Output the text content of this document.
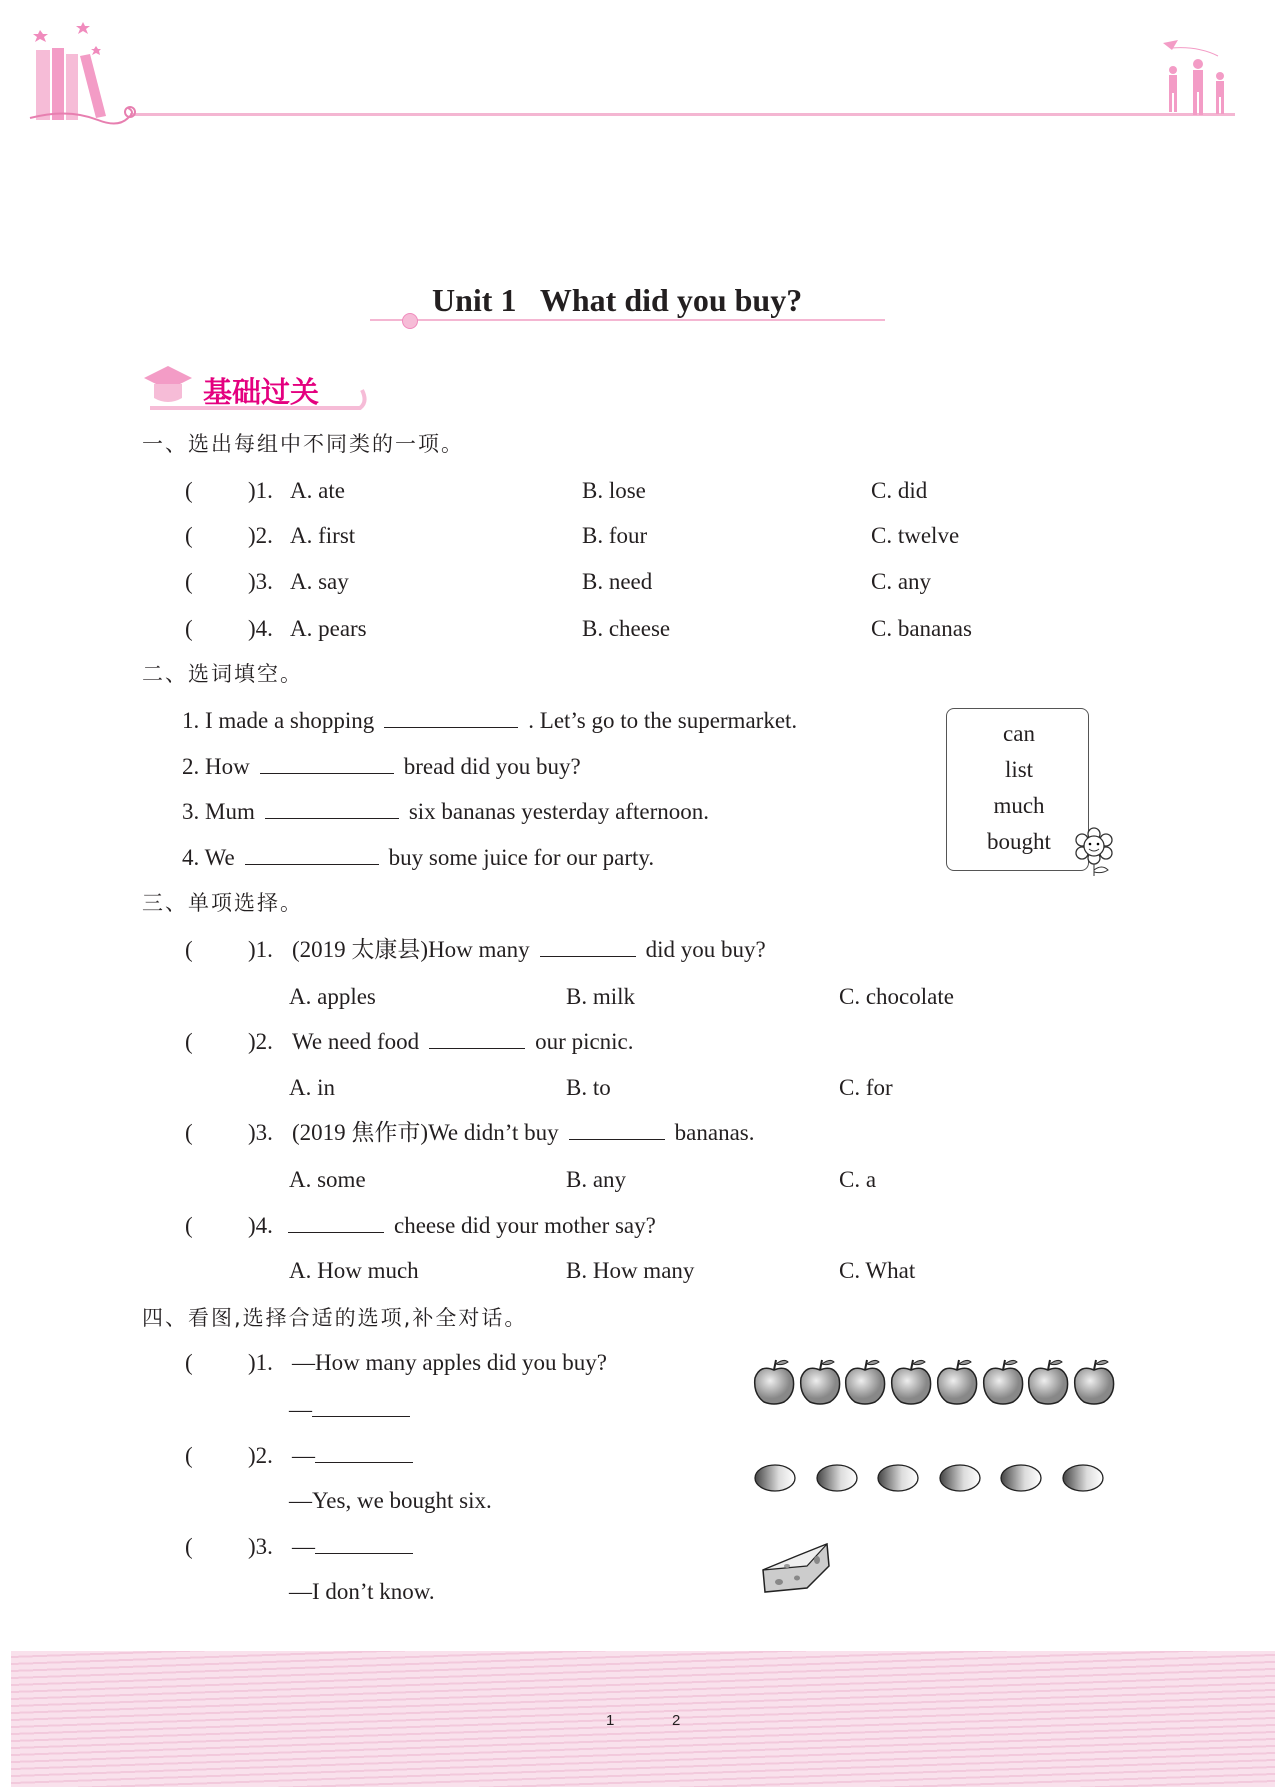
Unit 1   What did you buy?
基础过关
一、选出每组中不同类的一项。
( )1. A. ate	B. lose	C. did
( )2. A. first	B. four	C. twelve
( )3. A. say	B. need	C. any
( )4. A. pears	B. cheese	C. bananas
二、选词填空。
1. I made a shopping	. Let’s go to the supermarket.
2. How	bread did you buy?
3. Mum	six bananas yesterday afternoon.
4. We	buy some juice for our party.
can
list
much
bought
三、单项选择。
( )1. (2019 太康县)How many	did you buy?
A. apples	B. milk	C. chocolate
( )2. We need food	our picnic.
A. in	B. to	C. for
( )3. (2019 焦作市)We didn’t buy	bananas.
A. some	B. any	C. a
( )4.	cheese did your mother say?
A. How much	B. How many	C. What
四、看图,选择合适的选项,补全对话。
( )1. —How many apples did you buy?
—
( )2. —
—Yes, we bought six.
( )3. —
—I don’t know.
1	2
